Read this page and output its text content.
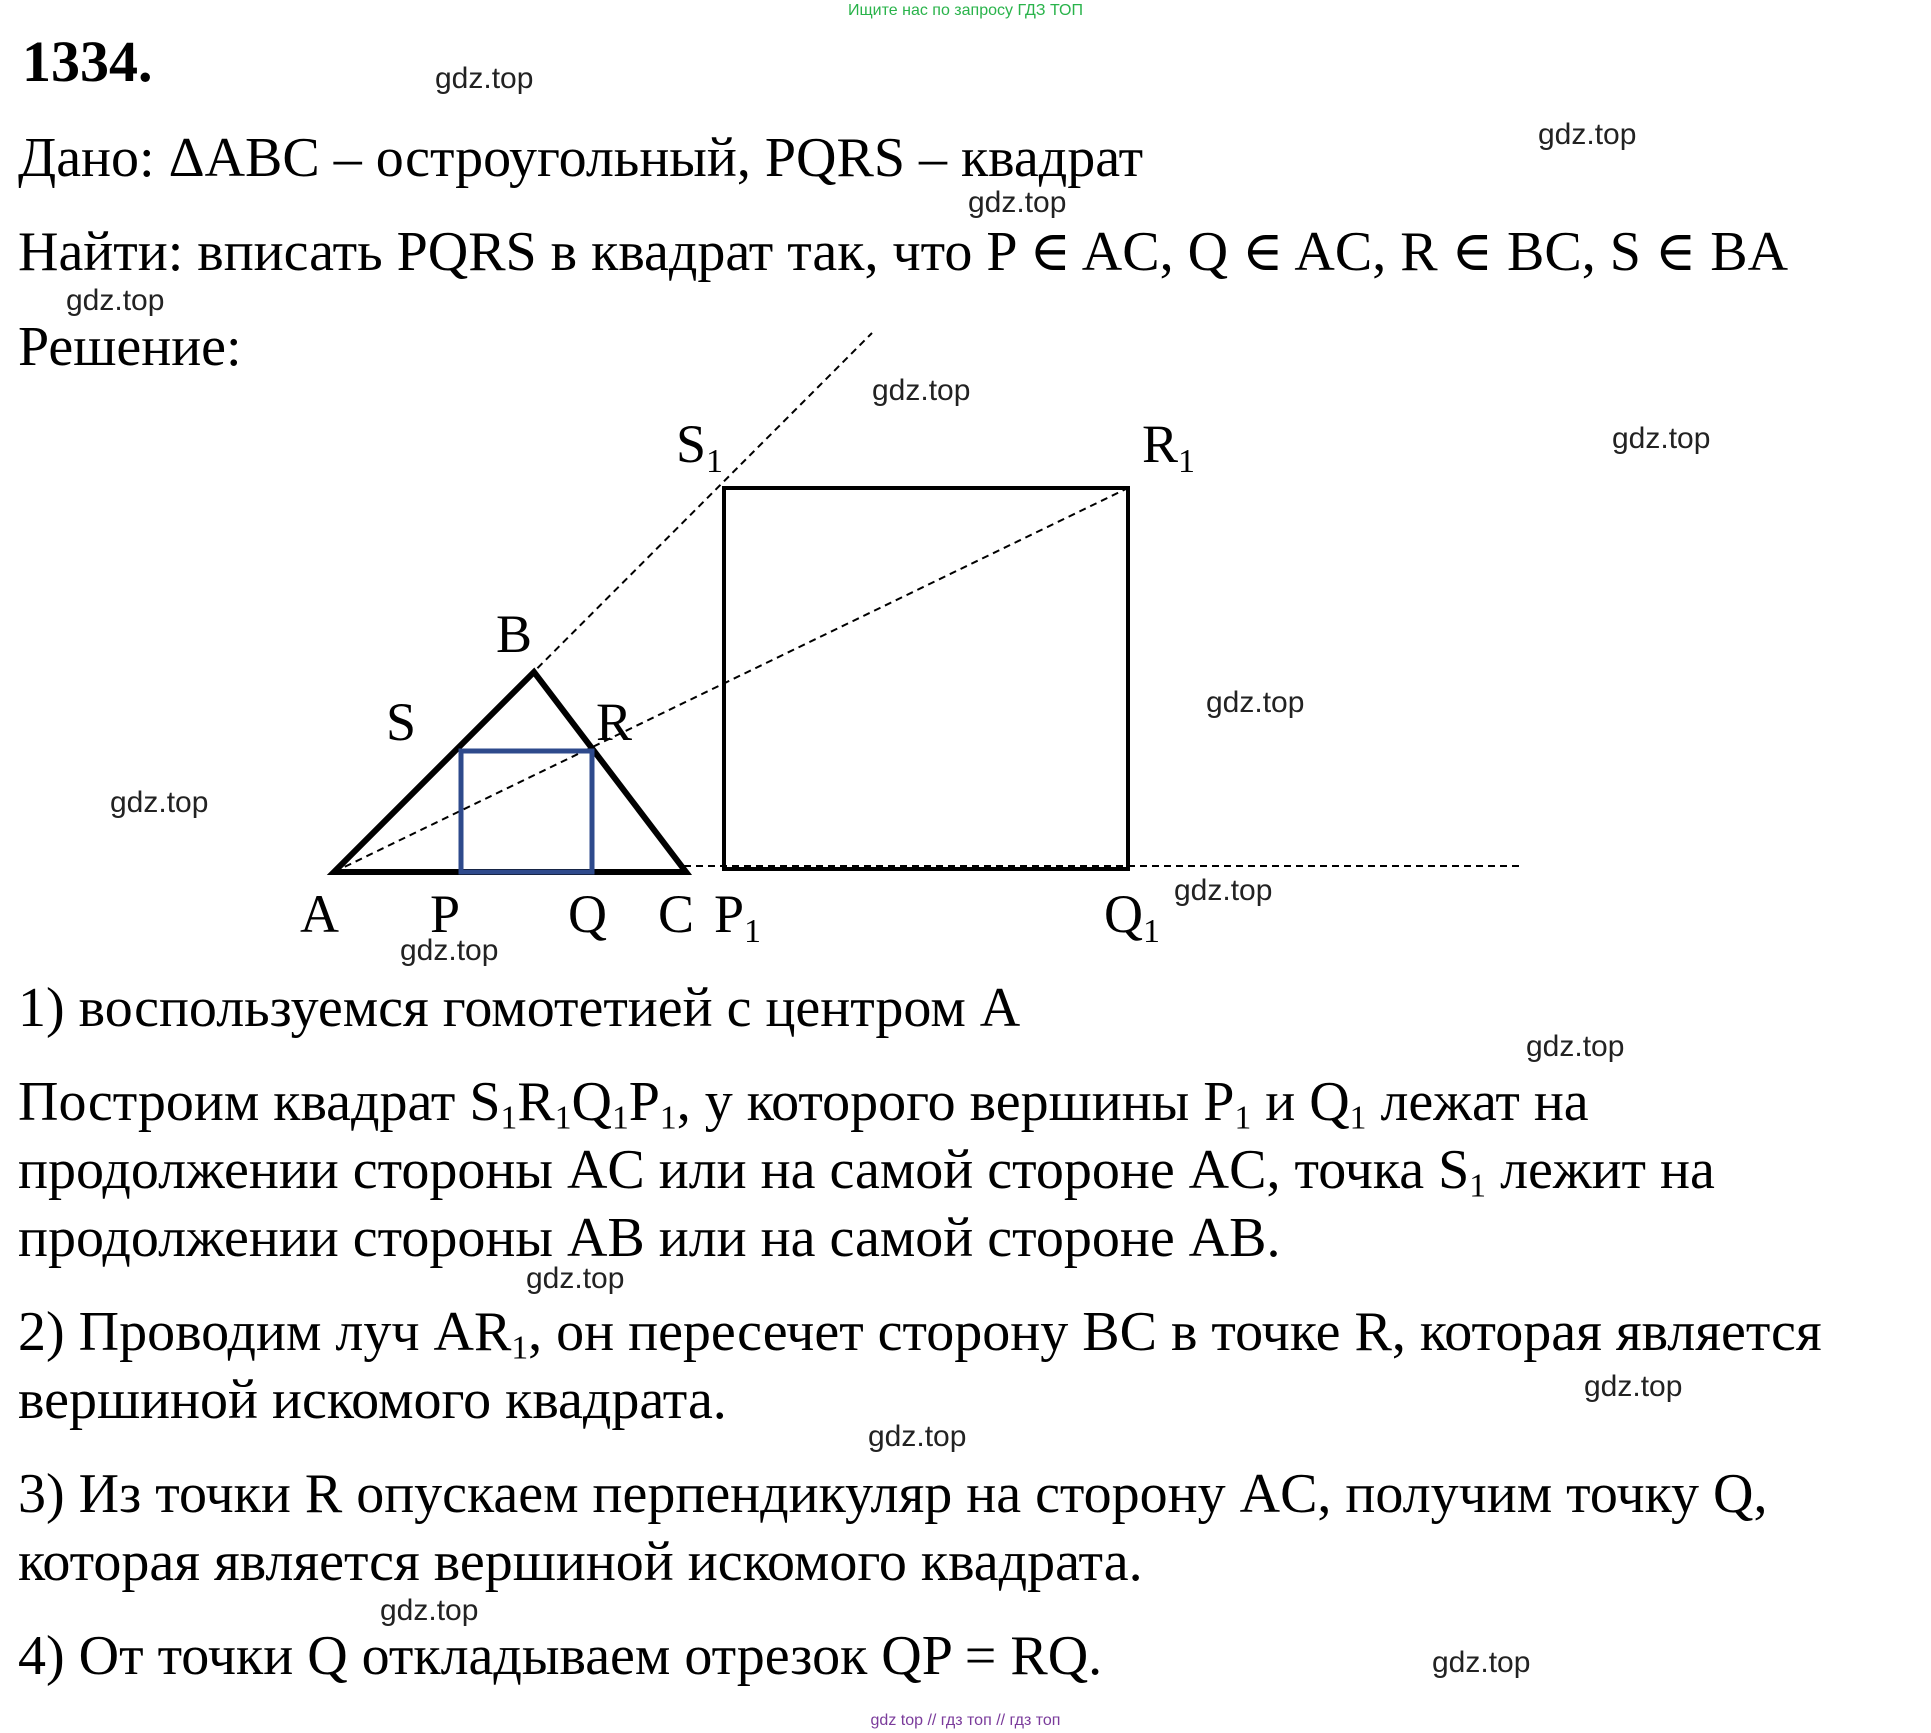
Ищите нас по запросу ГДЗ ТОП
1334.
Дано: ΔABC – остроугольный, PQRS – квадрат
Найти: вписать PQRS в квадрат так, что P ∈ AC, Q ∈ AC, R ∈ BC, S ∈ BA
Решение:
S1	R1
B
S	R
A P Q C P1	Q1
1) воспользуемся гомотетией с центром A
Построим квадрат $S_1R_1Q_1P_1$, у которого вершины $P_1$ и $Q_1$ лежат на
продолжении стороны AC или на самой стороне AC, точка $S_1$ лежит на
продолжении стороны AB или на самой стороне AB.
2) Проводим луч $AR_1$, он пересечет сторону BC в точке R, которая является
вершиной искомого квадрата.
3) Из точки R опускаем перпендикуляр на сторону AC, получим точку Q,
которая является вершиной искомого квадрата.
4) От точки Q откладываем отрезок QP = RQ.
gdz.top
gdz.top
gdz.top
gdz.top
gdz.top
gdz.top
gdz.top
gdz.top
gdz.top
gdz.top
gdz.top
gdz.top
gdz.top
gdz.top
gdz.top
gdz.top
gdz top // гдз топ // гдз топ
